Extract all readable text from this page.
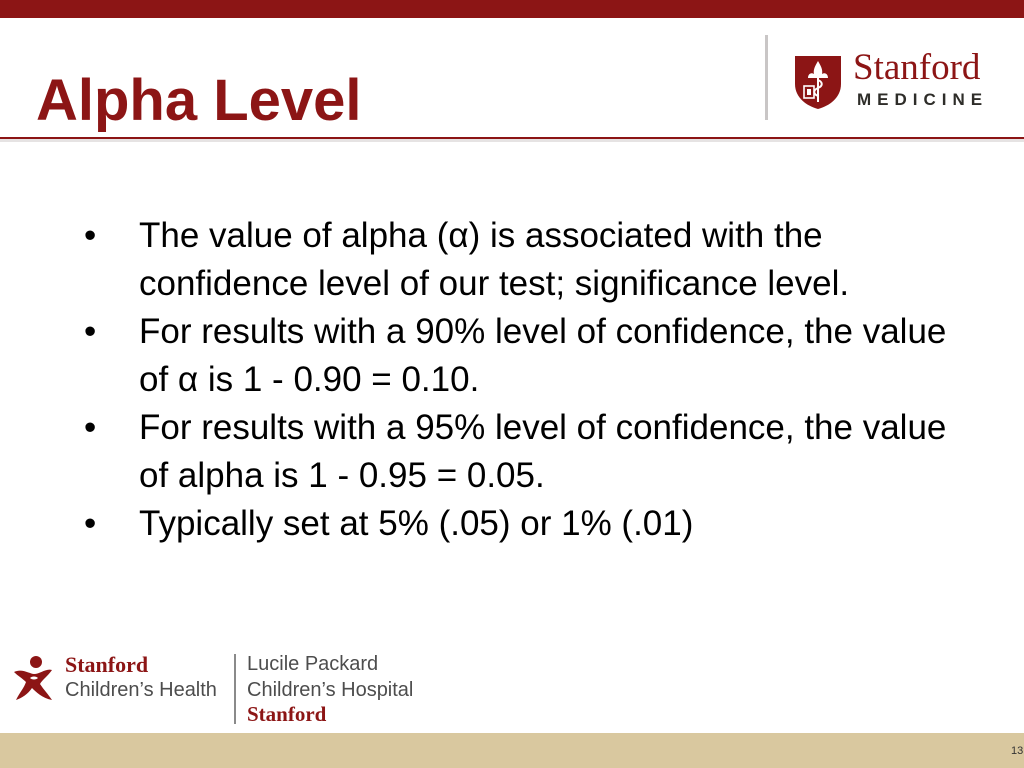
Alpha Level
Stanford
MEDICINE
•	The value of alpha (α) is associated with the confidence level of our test; significance level.
•	For results with a 90% level of confidence, the value of α is 1 - 0.90 = 0.10.
•	For results with a 95% level of confidence, the value of alpha is 1 - 0.95 = 0.05.
•	Typically set at 5% (.05) or 1% (.01)
Stanford
Children’s Health
Lucile Packard
Children’s Hospital
Stanford
13
